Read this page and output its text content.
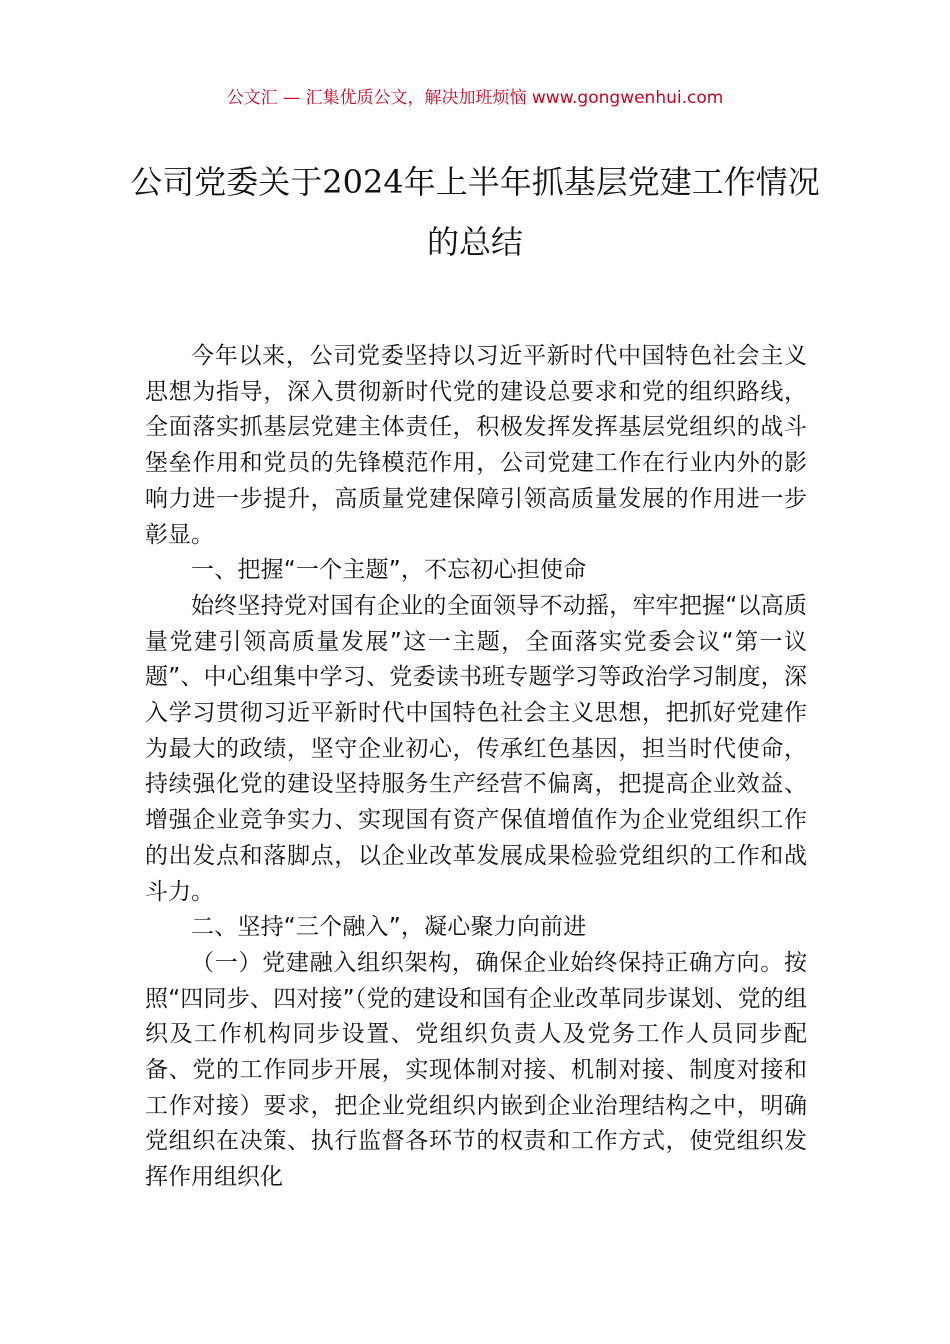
公文汇 — 汇集优质公文，解决加班烦恼 www.gongwenhui.com
公司党委关于2024年上半年抓基层党建工作情况的总结

今年以来，公司党委坚持以习近平新时代中国特色社会主义思想为指导，深入贯彻新时代党的建设总要求和党的组织路线，全面落实抓基层党建主体责任，积极发挥发挥基层党组织的战斗堡垒作用和党员的先锋模范作用，公司党建工作在行业内外的影响力进一步提升，高质量党建保障引领高质量发展的作用进一步彰显。

一、把握“一个主题”，不忘初心担使命

始终坚持党对国有企业的全面领导不动摇，牢牢把握“以高质量党建引领高质量发展”这一主题，全面落实党委会议“第一议题”、中心组集中学习、党委读书班专题学习等政治学习制度，深入学习贯彻习近平新时代中国特色社会主义思想，把抓好党建作为最大的政绩，坚守企业初心，传承红色基因，担当时代使命，持续强化党的建设坚持服务生产经营不偏离，把提高企业效益、增强企业竞争实力、实现国有资产保值增值作为企业党组织工作的出发点和落脚点，以企业改革发展成果检验党组织的工作和战斗力。

二、坚持“三个融入”，凝心聚力向前进

（一）党建融入组织架构，确保企业始终保持正确方向。按照“四同步、四对接”（党的建设和国有企业改革同步谋划、党的组织及工作机构同步设置、党组织负责人及党务工作人员同步配备、党的工作同步开展，实现体制对接、机制对接、制度对接和工作对接）要求，把企业党组织内嵌到企业治理结构之中，明确党组织在决策、执行监督各环节的权责和工作方式，使党组织发挥作用组织化
